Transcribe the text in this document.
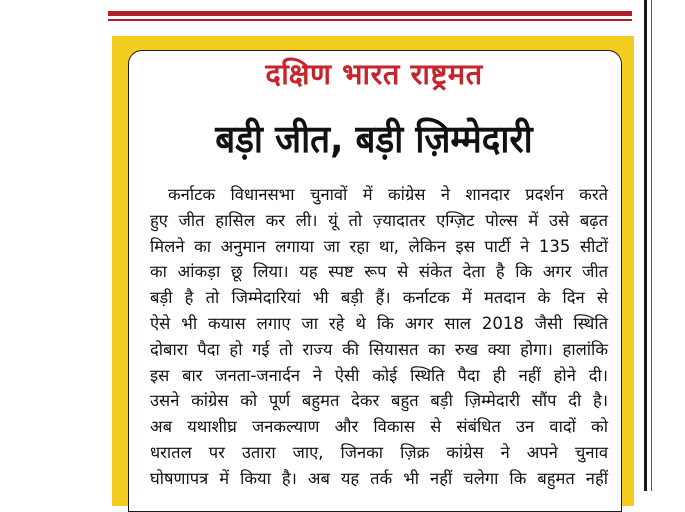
दक्षिण भारत राष्ट्रमत
बड़ी जीत, बड़ी ज़िम्मेदारी
कर्नाटक विधानसभा चुनावों में कांग्रेस ने शानदार प्रदर्शन करते
हुए जीत हासिल कर ली। यूं तो ज़्यादातर एग्ज़िट पोल्स में उसे बढ़त
मिलने का अनुमान लगाया जा रहा था, लेकिन इस पार्टी ने 135 सीटों
का आंकड़ा छू लिया। यह स्पष्ट रूप से संकेत देता है कि अगर जीत
बड़ी है तो जिम्मेदारियां भी बड़ी हैं। कर्नाटक में मतदान के दिन से
ऐसे भी कयास लगाए जा रहे थे कि अगर साल 2018 जैसी स्थिति
दोबारा पैदा हो गई तो राज्य की सियासत का रुख क्या होगा। हालांकि
इस बार जनता-जनार्दन ने ऐसी कोई स्थिति पैदा ही नहीं होने दी।
उसने कांग्रेस को पूर्ण बहुमत देकर बहुत बड़ी ज़िम्मेदारी सौंप दी है।
अब यथाशीघ्र जनकल्याण और विकास से संबंधित उन वादों को
धरातल पर उतारा जाए, जिनका ज़िक्र कांग्रेस ने अपने चुनाव
घोषणापत्र में किया है। अब यह तर्क भी नहीं चलेगा कि बहुमत नहीं
